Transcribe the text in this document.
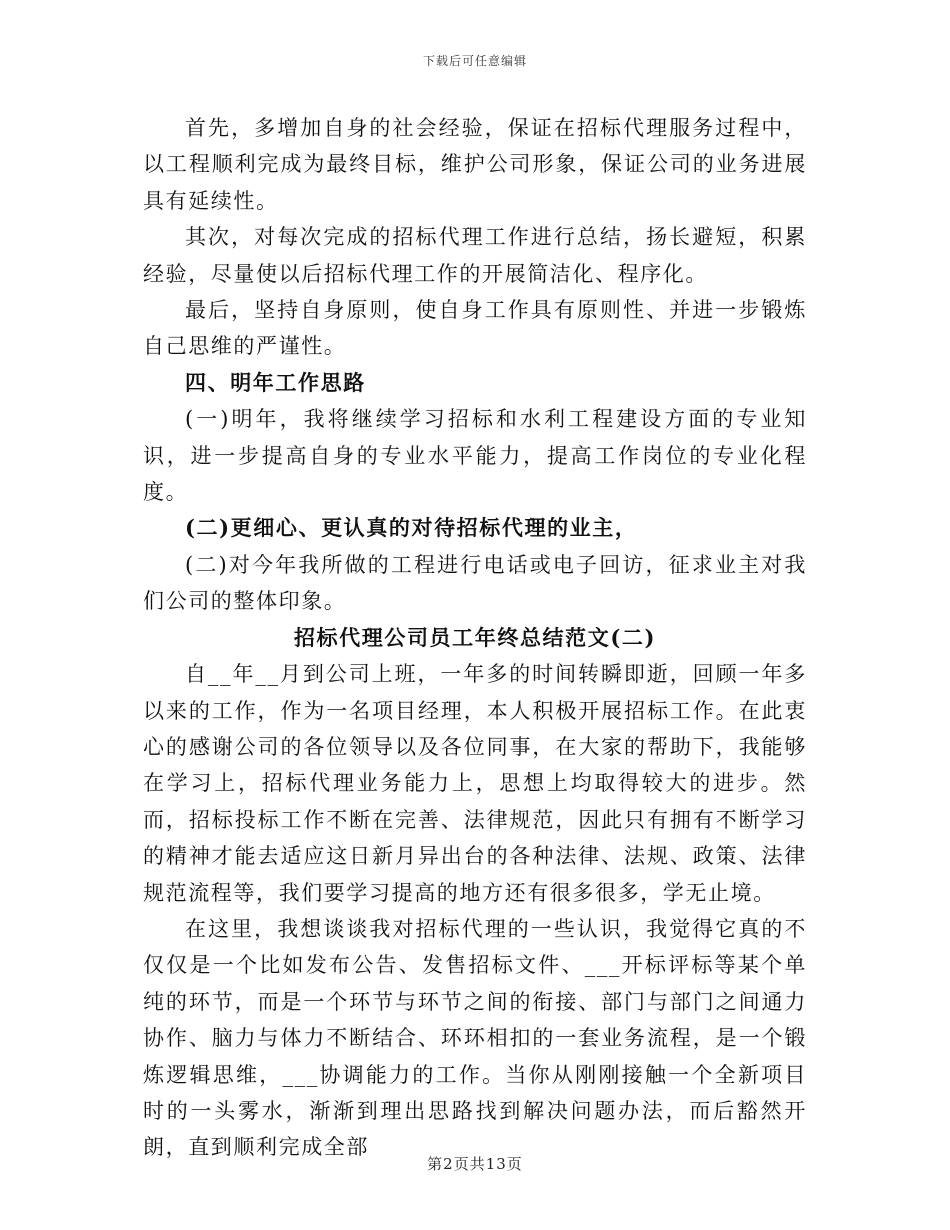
下载后可任意编辑

首先，多增加自身的社会经验，保证在招标代理服务过程中，以工程顺利完成为最终目标，维护公司形象，保证公司的业务进展具有延续性。

其次，对每次完成的招标代理工作进行总结，扬长避短，积累经验，尽量使以后招标代理工作的开展简洁化、程序化。

最后，坚持自身原则，使自身工作具有原则性、并进一步锻炼自己思维的严谨性。

四、明年工作思路

(一)明年，我将继续学习招标和水利工程建设方面的专业知识，进一步提高自身的专业水平能力，提高工作岗位的专业化程度。

(二)更细心、更认真的对待招标代理的业主，

(二)对今年我所做的工程进行电话或电子回访，征求业主对我们公司的整体印象。

招标代理公司员工年终总结范文(二)

自__年__月到公司上班，一年多的时间转瞬即逝，回顾一年多以来的工作，作为一名项目经理，本人积极开展招标工作。在此衷心的感谢公司的各位领导以及各位同事，在大家的帮助下，我能够在学习上，招标代理业务能力上，思想上均取得较大的进步。然而，招标投标工作不断在完善、法律规范，因此只有拥有不断学习的精神才能去适应这日新月异出台的各种法律、法规、政策、法律规范流程等，我们要学习提高的地方还有很多很多，学无止境。

在这里，我想谈谈我对招标代理的一些认识，我觉得它真的不仅仅是一个比如发布公告、发售招标文件、___开标评标等某个单纯的环节，而是一个环节与环节之间的衔接、部门与部门之间通力协作、脑力与体力不断结合、环环相扣的一套业务流程，是一个锻炼逻辑思维，___协调能力的工作。当你从刚刚接触一个全新项目时的一头雾水，渐渐到理出思路找到解决问题办法，而后豁然开朗，直到顺利完成全部

第2页共13页
